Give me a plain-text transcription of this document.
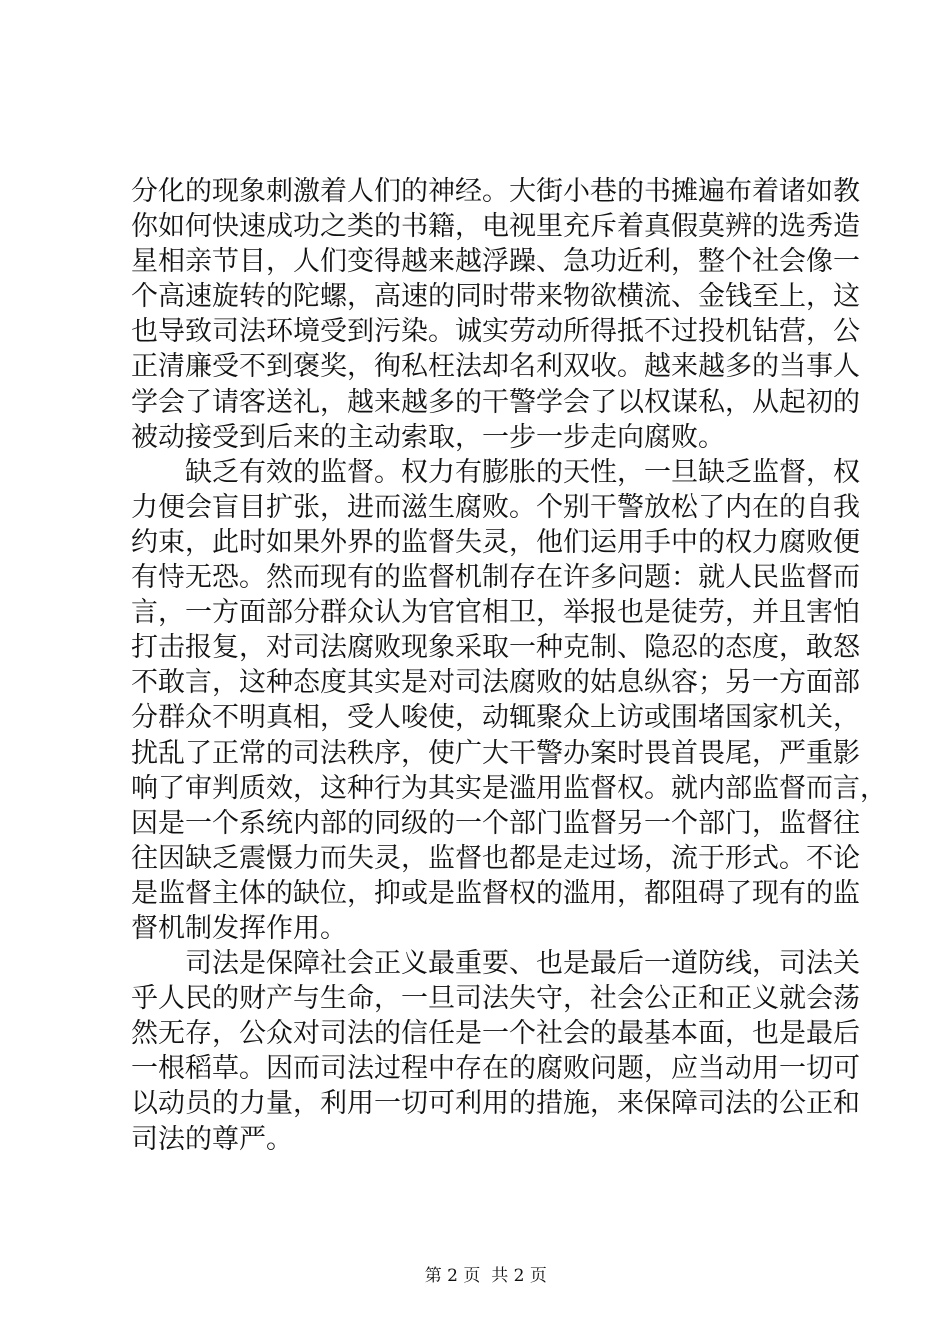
分化的现象刺激着人们的神经。大街小巷的书摊遍布着诸如教
你如何快速成功之类的书籍，电视里充斥着真假莫辨的选秀造
星相亲节目，人们变得越来越浮躁、急功近利，整个社会像一
个高速旋转的陀螺，高速的同时带来物欲横流、金钱至上，这
也导致司法环境受到污染。诚实劳动所得抵不过投机钻营，公
正清廉受不到褒奖，徇私枉法却名利双收。越来越多的当事人
学会了请客送礼，越来越多的干警学会了以权谋私，从起初的
被动接受到后来的主动索取，一步一步走向腐败。
　　缺乏有效的监督。权力有膨胀的天性，一旦缺乏监督，权
力便会盲目扩张，进而滋生腐败。个别干警放松了内在的自我
约束，此时如果外界的监督失灵，他们运用手中的权力腐败便
有恃无恐。然而现有的监督机制存在许多问题：就人民监督而
言，一方面部分群众认为官官相卫，举报也是徒劳，并且害怕
打击报复，对司法腐败现象采取一种克制、隐忍的态度，敢怒
不敢言，这种态度其实是对司法腐败的姑息纵容；另一方面部
分群众不明真相，受人唆使，动辄聚众上访或围堵国家机关，
扰乱了正常的司法秩序，使广大干警办案时畏首畏尾，严重影
响了审判质效，这种行为其实是滥用监督权。就内部监督而言，
因是一个系统内部的同级的一个部门监督另一个部门，监督往
往因缺乏震慑力而失灵，监督也都是走过场，流于形式。不论
是监督主体的缺位，抑或是监督权的滥用，都阻碍了现有的监
督机制发挥作用。
　　司法是保障社会正义最重要、也是最后一道防线，司法关
乎人民的财产与生命，一旦司法失守，社会公正和正义就会荡
然无存，公众对司法的信任是一个社会的最基本面，也是最后
一根稻草。因而司法过程中存在的腐败问题，应当动用一切可
以动员的力量，利用一切可利用的措施，来保障司法的公正和
司法的尊严。

第 2 页  共 2 页
